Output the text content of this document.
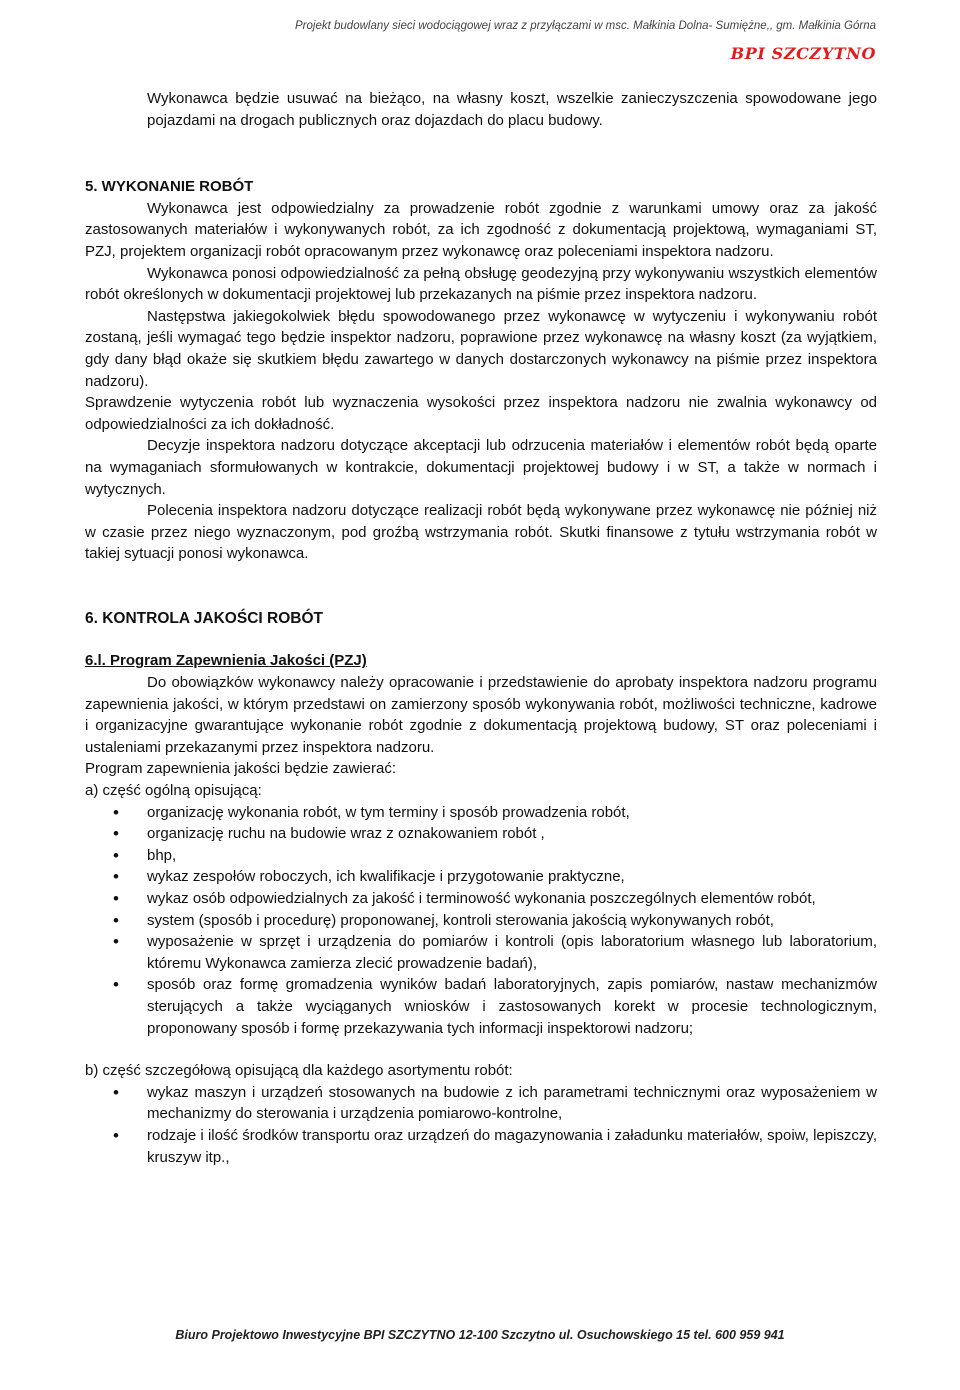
Projekt budowlany sieci wodociągowej wraz z przyłączami w msc. Małkinia Dolna- Sumiężne,, gm. Małkinia Górna
BPI SZCZYTNO

Wykonawca będzie usuwać na bieżąco, na własny koszt, wszelkie zanieczyszczenia spowodowane jego pojazdami na drogach publicznych oraz dojazdach do placu budowy.

5. WYKONANIE ROBÓT

Wykonawca jest odpowiedzialny za prowadzenie robót zgodnie z warunkami umowy oraz za jakość zastosowanych materiałów i wykonywanych robót, za ich zgodność z dokumentacją projektową, wymaganiami ST, PZJ, projektem organizacji robót opracowanym przez wykonawcę oraz poleceniami inspektora nadzoru.

Wykonawca ponosi odpowiedzialność za pełną obsługę geodezyjną przy wykonywaniu wszystkich elementów robót określonych w dokumentacji projektowej lub przekazanych na piśmie przez inspektora nadzoru.

Następstwa jakiegokolwiek błędu spowodowanego przez wykonawcę w wytyczeniu i wykonywaniu robót zostaną, jeśli wymagać tego będzie inspektor nadzoru, poprawione przez wykonawcę na własny koszt (za wyjątkiem, gdy dany błąd okaże się skutkiem błędu zawartego w danych dostarczonych wykonawcy na piśmie przez inspektora nadzoru).

Sprawdzenie wytyczenia robót lub wyznaczenia wysokości przez inspektora nadzoru nie zwalnia wykonawcy od odpowiedzialności za ich dokładność.

Decyzje inspektora nadzoru dotyczące akceptacji lub odrzucenia materiałów i elementów robót będą oparte na wymaganiach sformułowanych w kontrakcie, dokumentacji projektowej budowy i w ST, a także w normach i wytycznych.

Polecenia inspektora nadzoru dotyczące realizacji robót będą wykonywane przez wykonawcę nie później niż w czasie przez niego wyznaczonym, pod groźbą wstrzymania robót. Skutki finansowe z tytułu wstrzymania robót w takiej sytuacji ponosi wykonawca.

6. KONTROLA JAKOŚCI ROBÓT

6.l. Program Zapewnienia Jakości (PZJ)

Do obowiązków wykonawcy należy opracowanie i przedstawienie do aprobaty inspektora nadzoru programu zapewnienia jakości, w którym przedstawi on zamierzony sposób wykonywania robót, możliwości techniczne, kadrowe i organizacyjne gwarantujące wykonanie robót zgodnie z dokumentacją projektową budowy, ST oraz poleceniami i ustaleniami przekazanymi przez inspektora nadzoru.

Program zapewnienia jakości będzie zawierać:

a) część ogólną opisującą:

• organizację wykonania robót, w tym terminy i sposób prowadzenia robót,
• organizację ruchu na budowie wraz z oznakowaniem robót ,
• bhp,
• wykaz zespołów roboczych, ich kwalifikacje i przygotowanie praktyczne,
• wykaz osób odpowiedzialnych za jakość i terminowość wykonania poszczególnych elementów robót,
• system (sposób i procedurę) proponowanej, kontroli sterowania jakością wykonywanych robót,
• wyposażenie w sprzęt i urządzenia do pomiarów i kontroli (opis laboratorium własnego lub laboratorium, któremu Wykonawca zamierza zlecić prowadzenie badań),
• sposób oraz formę gromadzenia wyników badań laboratoryjnych, zapis pomiarów, nastaw mechanizmów sterujących a także wyciąganych wniosków i zastosowanych korekt w procesie technologicznym, proponowany sposób i formę przekazywania tych informacji inspektorowi nadzoru;

b) część szczegółową opisującą dla każdego asortymentu robót:

• wykaz maszyn i urządzeń stosowanych na budowie z ich parametrami technicznymi oraz wyposażeniem w mechanizmy do sterowania i urządzenia pomiarowo-kontrolne,
• rodzaje i ilość środków transportu oraz urządzeń do magazynowania i załadunku materiałów, spoiw, lepiszczy, kruszyw itp.,
Biuro Projektowo Inwestycyjne BPI SZCZYTNO 12-100 Szczytno ul. Osuchowskiego 15 tel. 600 959 941
